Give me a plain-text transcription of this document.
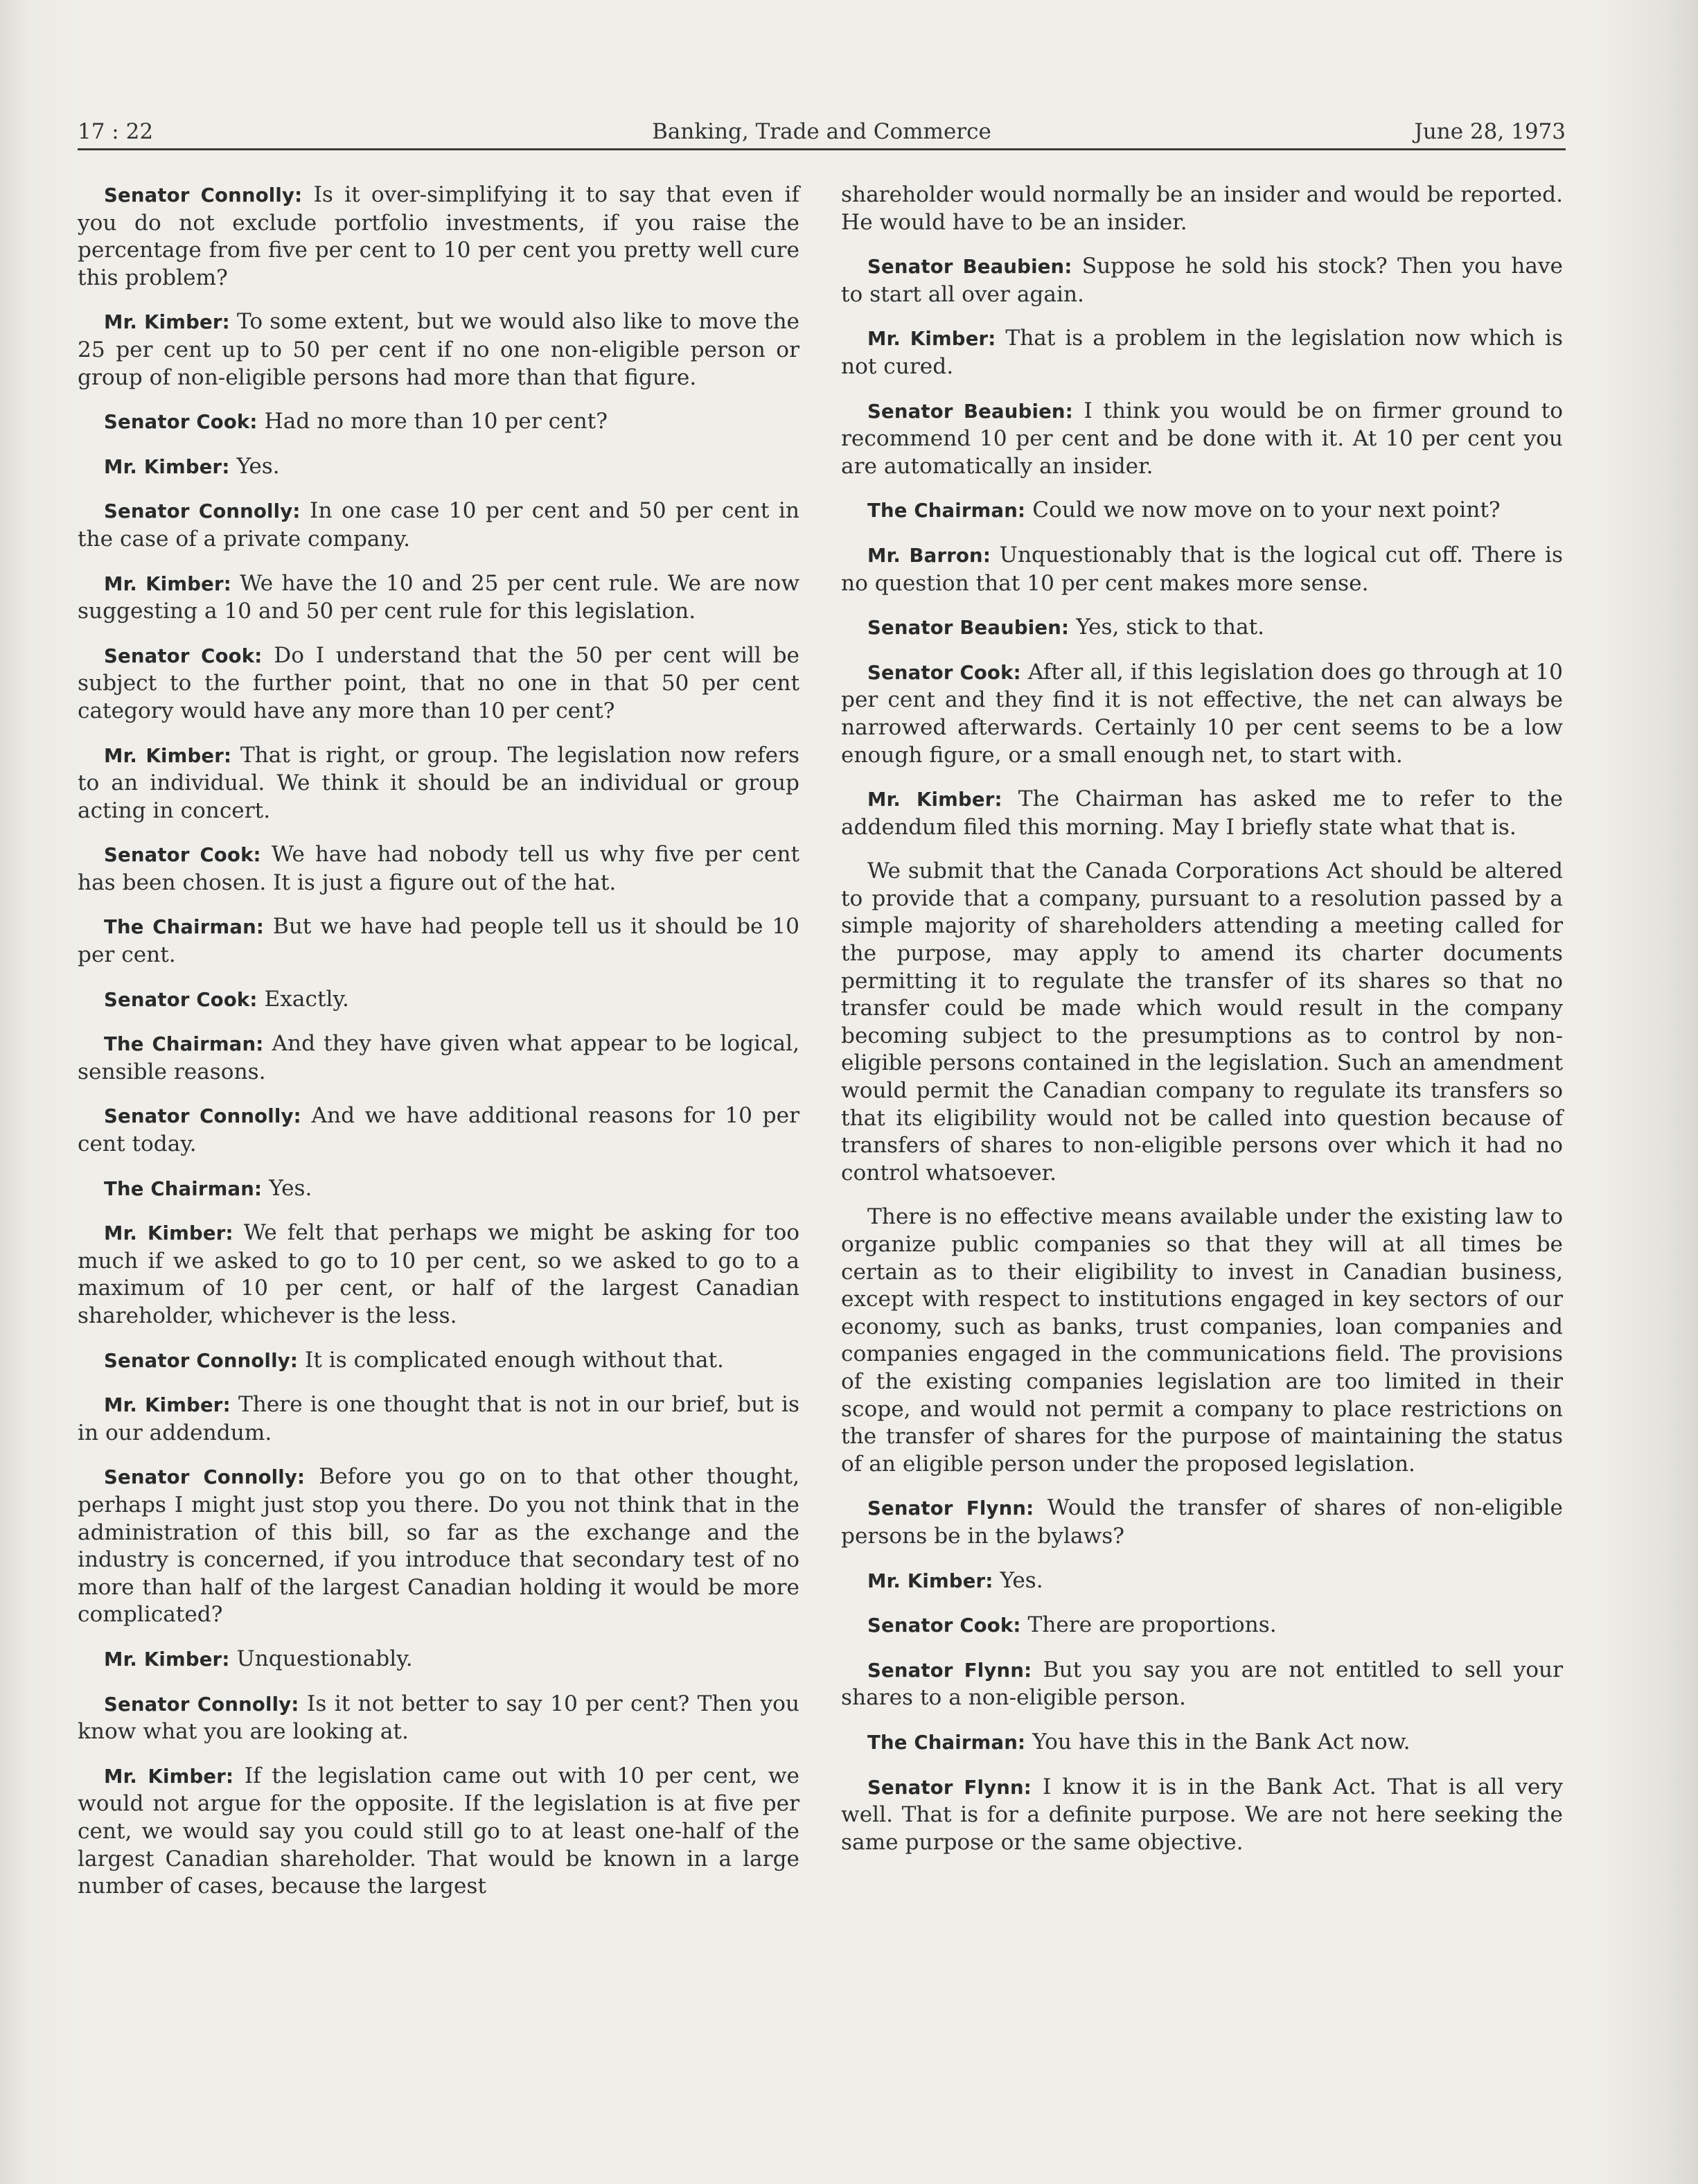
17 : 22	Banking, Trade and Commerce	June 28, 1973

Senator Connolly: Is it over-simplifying it to say that even if you do not exclude portfolio investments, if you raise the percentage from five per cent to 10 per cent you pretty well cure this problem?

Mr. Kimber: To some extent, but we would also like to move the 25 per cent up to 50 per cent if no one non-eligible person or group of non-eligible persons had more than that figure.

Senator Cook: Had no more than 10 per cent?

Mr. Kimber: Yes.

Senator Connolly: In one case 10 per cent and 50 per cent in the case of a private company.

Mr. Kimber: We have the 10 and 25 per cent rule. We are now suggesting a 10 and 50 per cent rule for this legislation.

Senator Cook: Do I understand that the 50 per cent will be subject to the further point, that no one in that 50 per cent category would have any more than 10 per cent?

Mr. Kimber: That is right, or group. The legislation now refers to an individual. We think it should be an individual or group acting in concert.

Senator Cook: We have had nobody tell us why five per cent has been chosen. It is just a figure out of the hat.

The Chairman: But we have had people tell us it should be 10 per cent.

Senator Cook: Exactly.

The Chairman: And they have given what appear to be logical, sensible reasons.

Senator Connolly: And we have additional reasons for 10 per cent today.

The Chairman: Yes.

Mr. Kimber: We felt that perhaps we might be asking for too much if we asked to go to 10 per cent, so we asked to go to a maximum of 10 per cent, or half of the largest Canadian shareholder, whichever is the less.

Senator Connolly: It is complicated enough without that.

Mr. Kimber: There is one thought that is not in our brief, but is in our addendum.

Senator Connolly: Before you go on to that other thought, perhaps I might just stop you there. Do you not think that in the administration of this bill, so far as the exchange and the industry is concerned, if you introduce that secondary test of no more than half of the largest Canadian holding it would be more complicated?

Mr. Kimber: Unquestionably.

Senator Connolly: Is it not better to say 10 per cent? Then you know what you are looking at.

Mr. Kimber: If the legislation came out with 10 per cent, we would not argue for the opposite. If the legislation is at five per cent, we would say you could still go to at least one-half of the largest Canadian shareholder. That would be known in a large number of cases, because the largest

shareholder would normally be an insider and would be reported. He would have to be an insider.

Senator Beaubien: Suppose he sold his stock? Then you have to start all over again.

Mr. Kimber: That is a problem in the legislation now which is not cured.

Senator Beaubien: I think you would be on firmer ground to recommend 10 per cent and be done with it. At 10 per cent you are automatically an insider.

The Chairman: Could we now move on to your next point?

Mr. Barron: Unquestionably that is the logical cut off. There is no question that 10 per cent makes more sense.

Senator Beaubien: Yes, stick to that.

Senator Cook: After all, if this legislation does go through at 10 per cent and they find it is not effective, the net can always be narrowed afterwards. Certainly 10 per cent seems to be a low enough figure, or a small enough net, to start with.

Mr. Kimber: The Chairman has asked me to refer to the addendum filed this morning. May I briefly state what that is.

We submit that the Canada Corporations Act should be altered to provide that a company, pursuant to a resolution passed by a simple majority of shareholders attending a meeting called for the purpose, may apply to amend its charter documents permitting it to regulate the transfer of its shares so that no transfer could be made which would result in the company becoming subject to the presumptions as to control by non-eligible persons contained in the legislation. Such an amendment would permit the Canadian company to regulate its transfers so that its eligibility would not be called into question because of transfers of shares to non-eligible persons over which it had no control whatsoever.

There is no effective means available under the existing law to organize public companies so that they will at all times be certain as to their eligibility to invest in Canadian business, except with respect to institutions engaged in key sectors of our economy, such as banks, trust companies, loan companies and companies engaged in the communications field. The provisions of the existing companies legislation are too limited in their scope, and would not permit a company to place restrictions on the transfer of shares for the purpose of maintaining the status of an eligible person under the proposed legislation.

Senator Flynn: Would the transfer of shares of non-eligible persons be in the bylaws?

Mr. Kimber: Yes.

Senator Cook: There are proportions.

Senator Flynn: But you say you are not entitled to sell your shares to a non-eligible person.

The Chairman: You have this in the Bank Act now.

Senator Flynn: I know it is in the Bank Act. That is all very well. That is for a definite purpose. We are not here seeking the same purpose or the same objective.
